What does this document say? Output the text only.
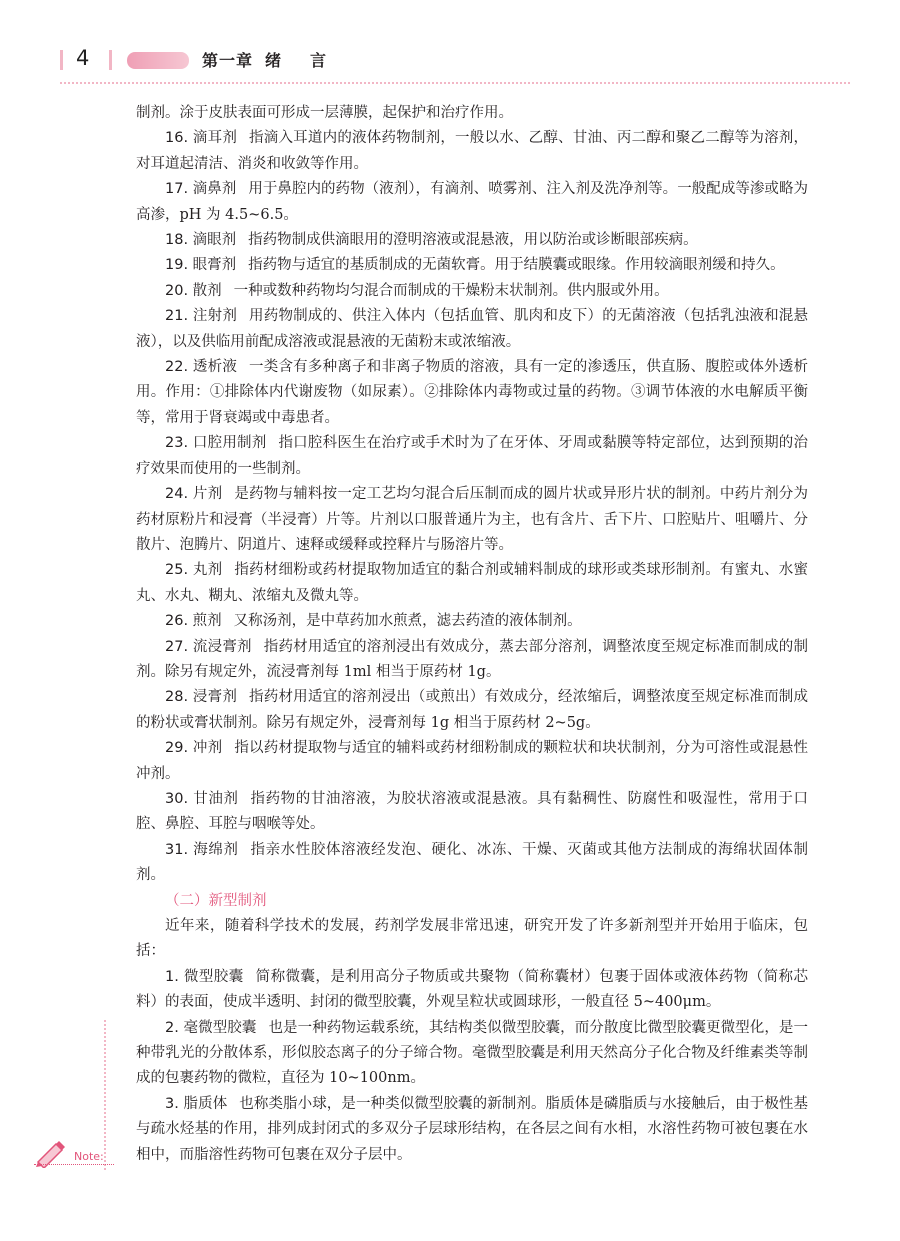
4	第一章 绪 言

制剂。涂于皮肤表面可形成一层薄膜，起保护和治疗作用。

16. 滴耳剂 指滴入耳道内的液体药物制剂，一般以水、乙醇、甘油、丙二醇和聚乙二醇等为溶剂，对耳道起清洁、消炎和收敛等作用。

17. 滴鼻剂 用于鼻腔内的药物（液剂），有滴剂、喷雾剂、注入剂及洗净剂等。一般配成等渗或略为高渗，pH 为 4.5~6.5。

18. 滴眼剂 指药物制成供滴眼用的澄明溶液或混悬液，用以防治或诊断眼部疾病。

19. 眼膏剂 指药物与适宜的基质制成的无菌软膏。用于结膜囊或眼缘。作用较滴眼剂缓和持久。

20. 散剂 一种或数种药物均匀混合而制成的干燥粉末状制剂。供内服或外用。

21. 注射剂 用药物制成的、供注入体内（包括血管、肌肉和皮下）的无菌溶液（包括乳浊液和混悬液），以及供临用前配成溶液或混悬液的无菌粉末或浓缩液。

22. 透析液 一类含有多种离子和非离子物质的溶液，具有一定的渗透压，供直肠、腹腔或体外透析用。作用：①排除体内代谢废物（如尿素）。②排除体内毒物或过量的药物。③调节体液的水电解质平衡等，常用于肾衰竭或中毒患者。

23. 口腔用制剂 指口腔科医生在治疗或手术时为了在牙体、牙周或黏膜等特定部位，达到预期的治疗效果而使用的一些制剂。

24. 片剂 是药物与辅料按一定工艺均匀混合后压制而成的圆片状或异形片状的制剂。中药片剂分为药材原粉片和浸膏（半浸膏）片等。片剂以口服普通片为主，也有含片、舌下片、口腔贴片、咀嚼片、分散片、泡腾片、阴道片、速释或缓释或控释片与肠溶片等。

25. 丸剂 指药材细粉或药材提取物加适宜的黏合剂或辅料制成的球形或类球形制剂。有蜜丸、水蜜丸、水丸、糊丸、浓缩丸及微丸等。

26. 煎剂 又称汤剂，是中草药加水煎煮，滤去药渣的液体制剂。

27. 流浸膏剂 指药材用适宜的溶剂浸出有效成分，蒸去部分溶剂，调整浓度至规定标准而制成的制剂。除另有规定外，流浸膏剂每 1ml 相当于原药材 1g。

28. 浸膏剂 指药材用适宜的溶剂浸出（或煎出）有效成分，经浓缩后，调整浓度至规定标准而制成的粉状或膏状制剂。除另有规定外，浸膏剂每 1g 相当于原药材 2~5g。

29. 冲剂 指以药材提取物与适宜的辅料或药材细粉制成的颗粒状和块状制剂，分为可溶性或混悬性冲剂。

30. 甘油剂 指药物的甘油溶液，为胶状溶液或混悬液。具有黏稠性、防腐性和吸湿性，常用于口腔、鼻腔、耳腔与咽喉等处。

31. 海绵剂 指亲水性胶体溶液经发泡、硬化、冰冻、干燥、灭菌或其他方法制成的海绵状固体制剂。

（二）新型制剂

近年来，随着科学技术的发展，药剂学发展非常迅速，研究开发了许多新剂型并开始用于临床，包括：

1. 微型胶囊 简称微囊，是利用高分子物质或共聚物（简称囊材）包裹于固体或液体药物（简称芯料）的表面，使成半透明、封闭的微型胶囊，外观呈粒状或圆球形，一般直径 5~400μm。

2. 毫微型胶囊 也是一种药物运载系统，其结构类似微型胶囊，而分散度比微型胶囊更微型化，是一种带乳光的分散体系，形似胶态离子的分子缔合物。毫微型胶囊是利用天然高分子化合物及纤维素类等制成的包裹药物的微粒，直径为 10~100nm。

3. 脂质体 也称类脂小球，是一种类似微型胶囊的新制剂。脂质体是磷脂质与水接触后，由于极性基与疏水烃基的作用，排列成封闭式的多双分子层球形结构，在各层之间有水相，水溶性药物可被包裹在水相中，而脂溶性药物可包裹在双分子层中。

Note:
